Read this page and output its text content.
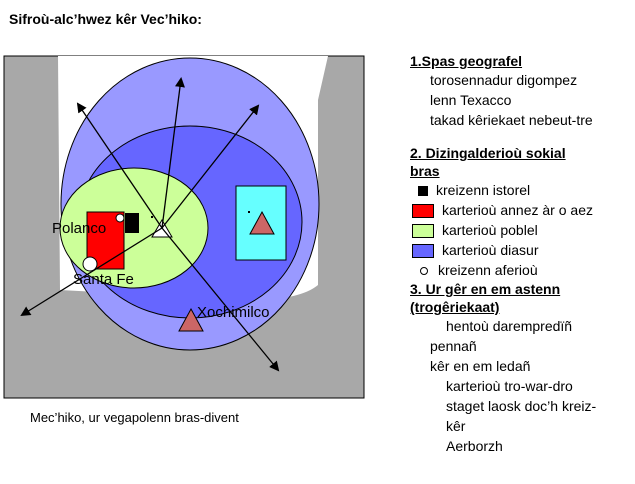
Sifroù-alc’hwez kêr Vec’hiko:
Polanco
Santa Fe
Xochimilco
Mec’hiko, ur vegapolenn bras-divent
1.Spas geografel
torosennadur digompez
lenn Texacco
takad kêriekaet nebeut-tre
2. Dizingalderioù sokial
bras
kreizenn istorel
karterioù annez àr o aez
karterioù poblel
karterioù diasur
kreizenn aferioù
3. Ur gêr en em astenn
(trogêriekaat)
hentoù darempredïñ
pennañ
kêr en em ledañ
karterioù tro-war-dro
staget laosk doc’h kreiz-
kêr
Aerborzh
